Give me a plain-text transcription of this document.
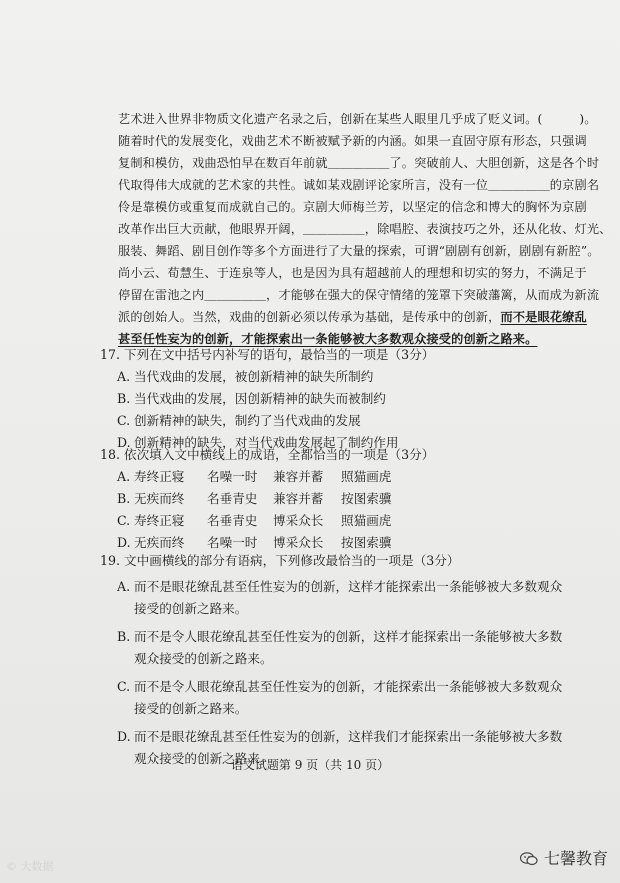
艺术进入世界非物质文化遗产名录之后，创新在某些人眼里几乎成了贬义词。(　　　)。
随着时代的发展变化，戏曲艺术不断被赋予新的内涵。如果一直固守原有形态，只强调
复制和模仿，戏曲恐怕早在数百年前就＿＿＿＿＿了。突破前人、大胆创新，这是各个时
代取得伟大成就的艺术家的共性。诚如某戏剧评论家所言，没有一位＿＿＿＿＿的京剧名
伶是靠模仿或重复而成就自己的。京剧大师梅兰芳，以坚定的信念和博大的胸怀为京剧
改革作出巨大贡献，他眼界开阔，＿＿＿＿＿，除唱腔、表演技巧之外，还从化妆、灯光、
服装、舞蹈、剧目创作等多个方面进行了大量的探索，可谓“剧剧有创新，剧剧有新腔”。
尚小云、荀慧生、于连泉等人，也是因为具有超越前人的理想和切实的努力，不满足于
停留在雷池之内＿＿＿＿＿，才能够在强大的保守情绪的笼罩下突破藩篱，从而成为新流
派的创始人。当然，戏曲的创新必须以传承为基础，是传承中的创新，而不是眼花缭乱
甚至任性妄为的创新，才能探索出一条能够被大多数观众接受的创新之路来。
17. 下列在文中括号内补写的语句，最恰当的一项是（3分）
A. 当代戏曲的发展，被创新精神的缺失所制约
B. 当代戏曲的发展，因创新精神的缺失而被制约
C. 创新精神的缺失，制约了当代戏曲的发展
D. 创新精神的缺失，对当代戏曲发展起了制约作用
18. 依次填入文中横线上的成语，全都恰当的一项是（3分）
A. 寿终正寝 名噪一时 兼容并蓄 照猫画虎
B. 无疾而终 名垂青史 兼容并蓄 按图索骥
C. 寿终正寝 名垂青史 博采众长 照猫画虎
D. 无疾而终 名噪一时 博采众长 按图索骥
19. 文中画横线的部分有语病，下列修改最恰当的一项是（3分）
A. 而不是眼花缭乱甚至任性妄为的创新，这样才能探索出一条能够被大多数观众
接受的创新之路来。
B. 而不是令人眼花缭乱甚至任性妄为的创新，这样才能探索出一条能够被大多数
观众接受的创新之路来。
C. 而不是令人眼花缭乱甚至任性妄为的创新，才能探索出一条能够被大多数观众
接受的创新之路来。
D. 而不是眼花缭乱甚至任性妄为的创新，这样我们才能探索出一条能够被大多数
观众接受的创新之路来。
语文试题第 9 页（共 10 页）
© 大数据	七馨教育
